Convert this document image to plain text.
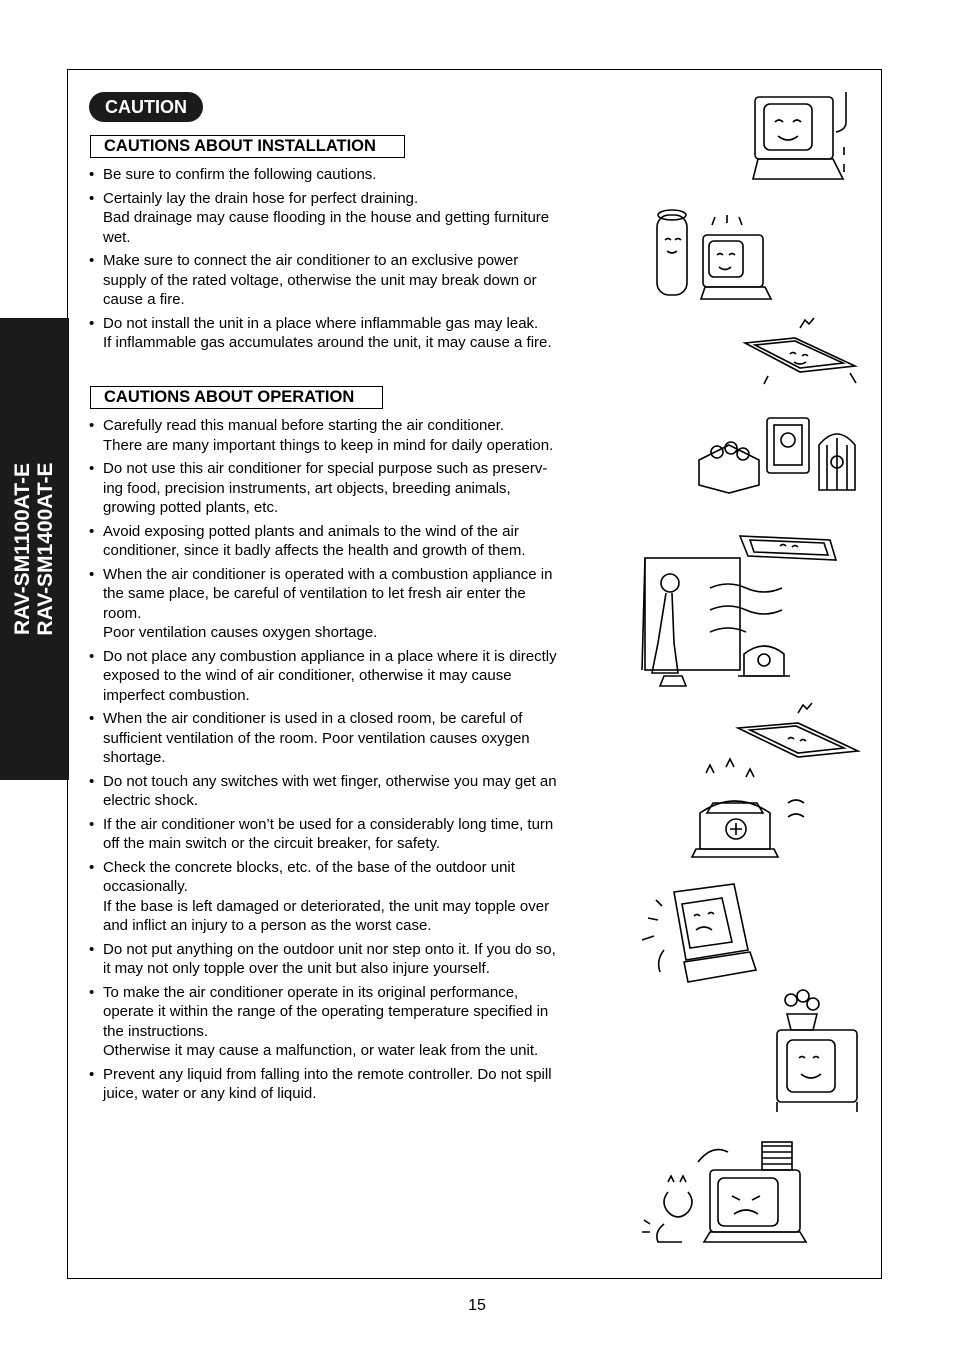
RAV-SM1100AT-E RAV-SM1400AT-E
CAUTION
CAUTIONS ABOUT INSTALLATION
• Be sure to confirm the following cautions.
• Certainly lay the drain hose for perfect draining.
Bad drainage may cause flooding in the house and getting furniture
wet.
• Make sure to connect the air conditioner to an exclusive power
supply of the rated voltage, otherwise the unit may break down or
cause a fire.
• Do not install the unit in a place where inflammable gas may leak.
If inflammable gas accumulates around the unit, it may cause a fire.
CAUTIONS ABOUT OPERATION
• Carefully read this manual before starting the air conditioner.
There are many important things to keep in mind for daily operation.
• Do not use this air conditioner for special purpose such as preserv-
ing food, precision instruments, art objects, breeding animals,
growing potted plants, etc.
• Avoid exposing potted plants and animals to the wind of the air
conditioner, since it badly affects the health and growth of them.
• When the air conditioner is operated with a combustion appliance in
the same place, be careful of ventilation to let fresh air enter the
room.
Poor ventilation causes oxygen shortage.
• Do not place any combustion appliance in a place where it is directly
exposed to the wind of air conditioner, otherwise it may cause
imperfect combustion.
• When the air conditioner is used in a closed room, be careful of
sufficient ventilation of the room. Poor ventilation causes oxygen
shortage.
• Do not touch any switches with wet finger, otherwise you may get an
electric shock.
• If the air conditioner won’t be used for a considerably long time, turn
off the main switch or the circuit breaker, for safety.
• Check the concrete blocks, etc. of the base of the outdoor unit
occasionally.
If the base is left damaged or deteriorated, the unit may topple over
and inflict an injury to a person as the worst case.
• Do not put anything on the outdoor unit nor step onto it. If you do so,
it may not only topple over the unit but also injure yourself.
• To make the air conditioner operate in its original performance,
operate it within the range of the operating temperature specified in
the instructions.
Otherwise it may cause a malfunction, or water leak from the unit.
• Prevent any liquid from falling into the remote controller. Do not spill
juice, water or any kind of liquid.
15
